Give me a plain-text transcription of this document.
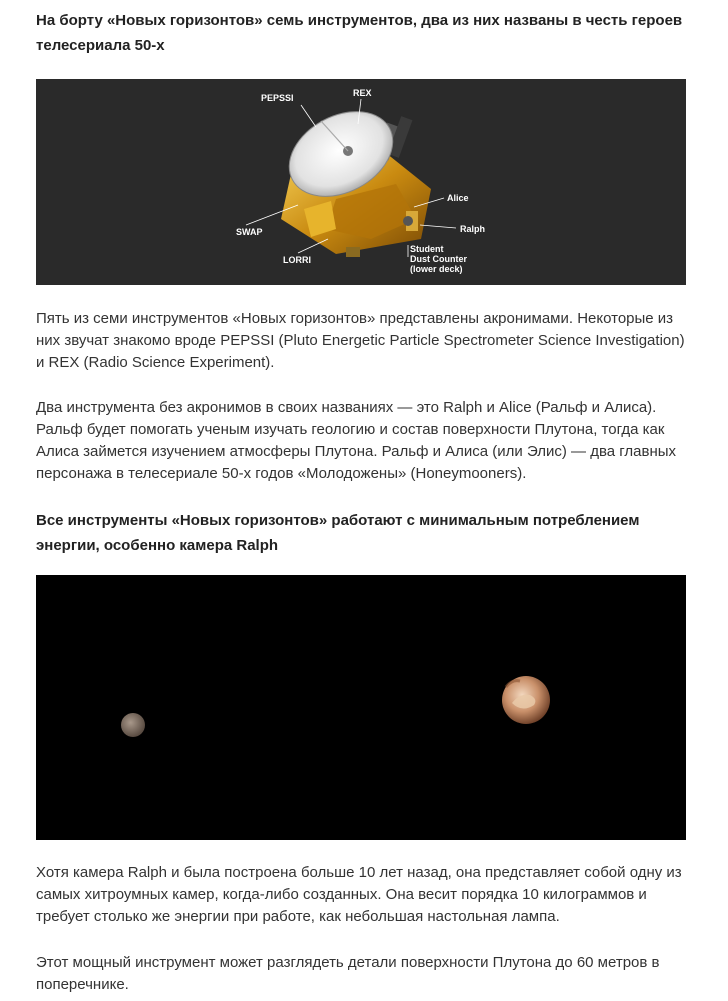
На борту «Новых горизонтов» семь инструментов, два из них названы в честь героев телесериала 50-х
PEPSSI	REX
Alice
Ralph
SWAP
LORRI
Student
Dust Counter
(lower deck)
Пять из семи инструментов «Новых горизонтов» представлены акронимами. Некоторые из них звучат знакомо вроде PEPSSI (Pluto Energetic Particle Spectrometer Science Investigation) и REX (Radio Science Experiment).
Два инструмента без акронимов в своих названиях — это Ralph и Alice (Ральф и Алиса). Ральф будет помогать ученым изучать геологию и состав поверхности Плутона, тогда как Алиса займется изучением атмосферы Плутона. Ральф и Алиса (или Элис) — два главных персонажа в телесериале 50-х годов «Молодожены» (Honeymooners).
Все инструменты «Новых горизонтов» работают с минимальным потреблением энергии, особенно камера Ralph
Хотя камера Ralph и была построена больше 10 лет назад, она представляет собой одну из самых хитроумных камер, когда-либо созданных. Она весит порядка 10 килограммов и требует столько же энергии при работе, как небольшая настольная лампа.
Этот мощный инструмент может разглядеть детали поверхности Плутона до 60 метров в поперечнике.
